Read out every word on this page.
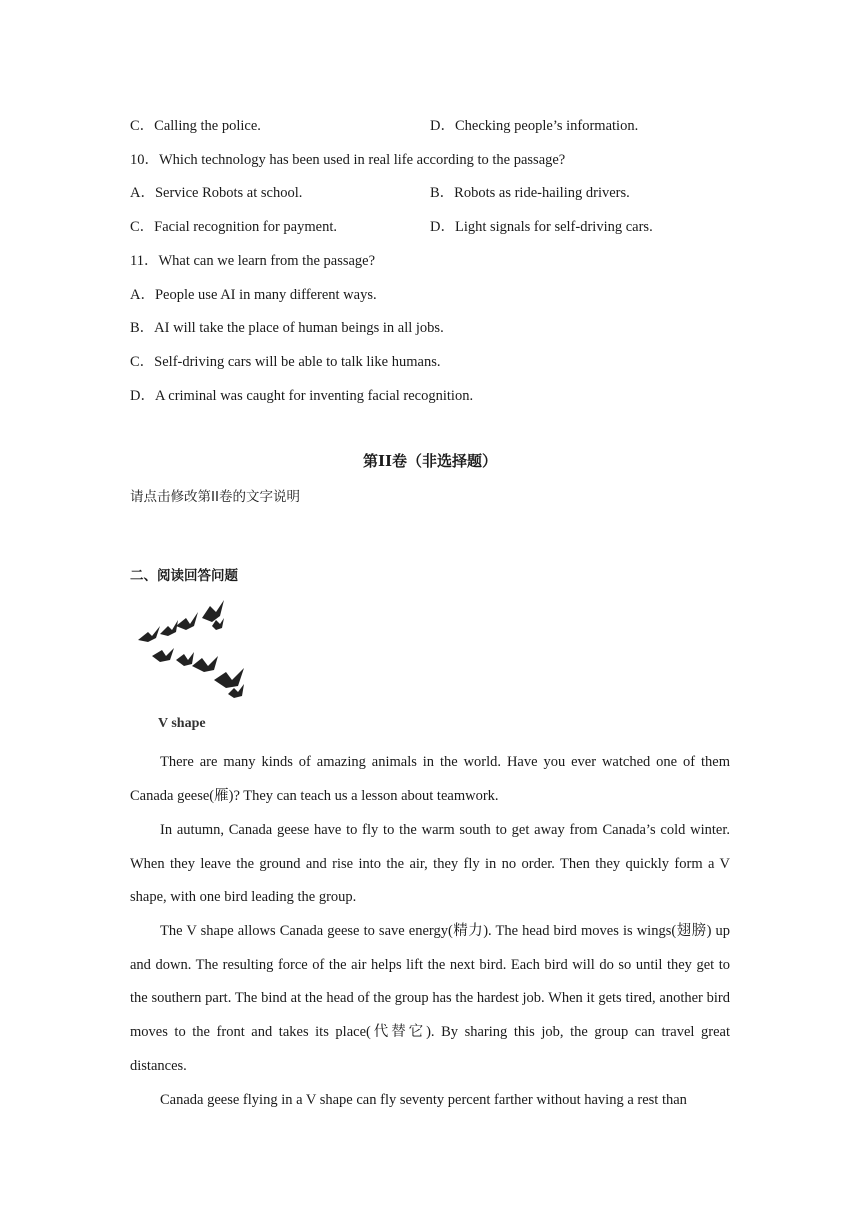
C．Calling the police.	D．Checking people’s information.
10．Which technology has been used in real life according to the passage?
A．Service Robots at school.	B．Robots as ride-hailing drivers.
C．Facial recognition for payment.	D．Light signals for self-driving cars.
11．What can we learn from the passage?
A．People use AI in many different ways.
B．AI will take the place of human beings in all jobs.
C．Self-driving cars will be able to talk like humans.
D．A criminal was caught for inventing facial recognition.
第II卷（非选择题）
请点击修改第II卷的文字说明
二、阅读回答问题
V shape
There are many kinds of amazing animals in the world. Have you ever watched one of them Canada geese(雁)? They can teach us a lesson about teamwork.
In autumn, Canada geese have to fly to the warm south to get away from Canada’s cold winter. When they leave the ground and rise into the air, they fly in no order. Then they quickly form a V shape, with one bird leading the group.
The V shape allows Canada geese to save energy(精力). The head bird moves is wings(翅膀) up and down. The resulting force of the air helps lift the next bird. Each bird will do so until they get to the southern part. The bind at the head of the group has the hardest job. When it gets tired, another bird moves to the front and takes its place(代替它). By sharing this job, the group can travel great distances.
Canada geese flying in a V shape can fly seventy percent farther without having a rest than
